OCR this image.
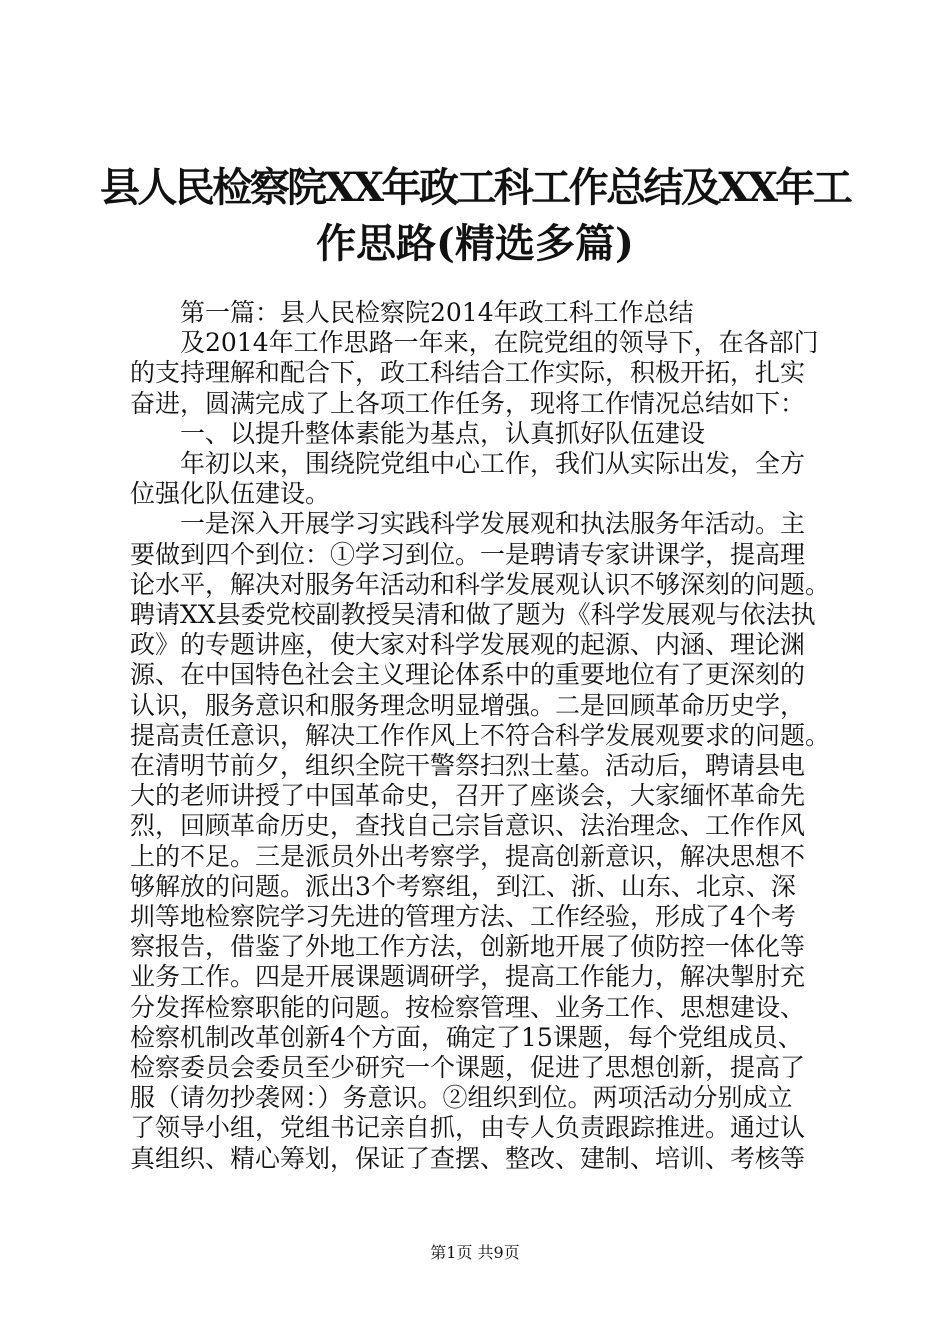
县人民检察院XX年政工科工作总结及XX年工
作思路(精选多篇)
第一篇：县人民检察院2014年政工科工作总结
及2014年工作思路一年来，在院党组的领导下，在各部门
的支持理解和配合下，政工科结合工作实际，积极开拓，扎实
奋进，圆满完成了上各项工作任务，现将工作情况总结如下：
一、以提升整体素能为基点，认真抓好队伍建设
年初以来，围绕院党组中心工作，我们从实际出发，全方
位强化队伍建设。
一是深入开展学习实践科学发展观和执法服务年活动。主
要做到四个到位：①学习到位。一是聘请专家讲课学，提高理
论水平，解决对服务年活动和科学发展观认识不够深刻的问题。
聘请XX县委党校副教授吴清和做了题为《科学发展观与依法执
政》的专题讲座，使大家对科学发展观的起源、内涵、理论渊
源、在中国特色社会主义理论体系中的重要地位有了更深刻的
认识，服务意识和服务理念明显增强。二是回顾革命历史学，
提高责任意识，解决工作作风上不符合科学发展观要求的问题。
在清明节前夕，组织全院干警祭扫烈士墓。活动后，聘请县电
大的老师讲授了中国革命史，召开了座谈会，大家缅怀革命先
烈，回顾革命历史，查找自己宗旨意识、法治理念、工作作风
上的不足。三是派员外出考察学，提高创新意识，解决思想不
够解放的问题。派出3个考察组，到江、浙、山东、北京、深
圳等地检察院学习先进的管理方法、工作经验，形成了4个考
察报告，借鉴了外地工作方法，创新地开展了侦防控一体化等
业务工作。四是开展课题调研学，提高工作能力，解决掣肘充
分发挥检察职能的问题。按检察管理、业务工作、思想建设、
检察机制改革创新4个方面，确定了15课题，每个党组成员、
检察委员会委员至少研究一个课题，促进了思想创新，提高了
服（请勿抄袭网：）务意识。②组织到位。两项活动分别成立
了领导小组，党组书记亲自抓，由专人负责跟踪推进。通过认
真组织、精心筹划，保证了查摆、整改、建制、培训、考核等
第1页 共9页
